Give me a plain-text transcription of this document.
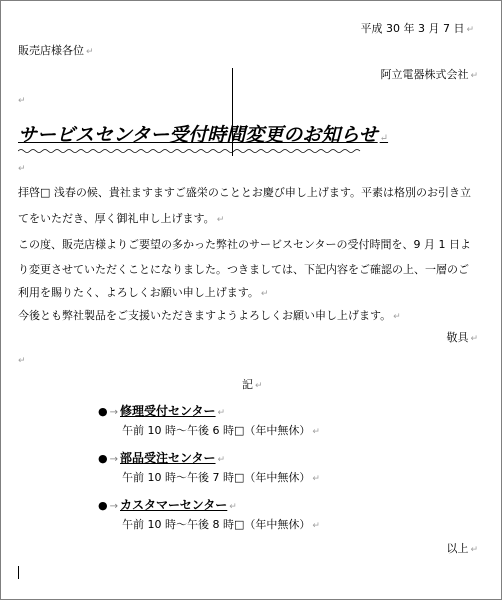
平成 30 年 3 月 7 日 ↵
販売店様各位 ↵
阿立電器株式会社 ↵
↵
サービスセンター受付時間変更のお知らせ ↵
↵
拝啓□ 浅春の候、貴社ますますご盛栄のこととお慶び申し上げます。平素は格別のお引き立
てをいただき、厚く御礼申し上げます。 ↵
この度、販売店様よりご要望の多かった弊社のサービスセンターの受付時間を、9 月 1 日よ
り変更させていただくことになりました。つきましては、下記内容をご確認の上、一層のご
利用を賜りたく、よろしくお願い申し上げます。 ↵
今後とも弊社製品をご支援いただきますようよろしくお願い申し上げます。 ↵
敬具 ↵
↵
記 ↵
● → 修理受付センター ↵
午前 10 時～午後 6 時□（年中無休） ↵
● → 部品受注センター ↵
午前 10 時～午後 7 時□（年中無休） ↵
● → カスタマーセンター ↵
午前 10 時～午後 8 時□（年中無休） ↵
以上 ↵
